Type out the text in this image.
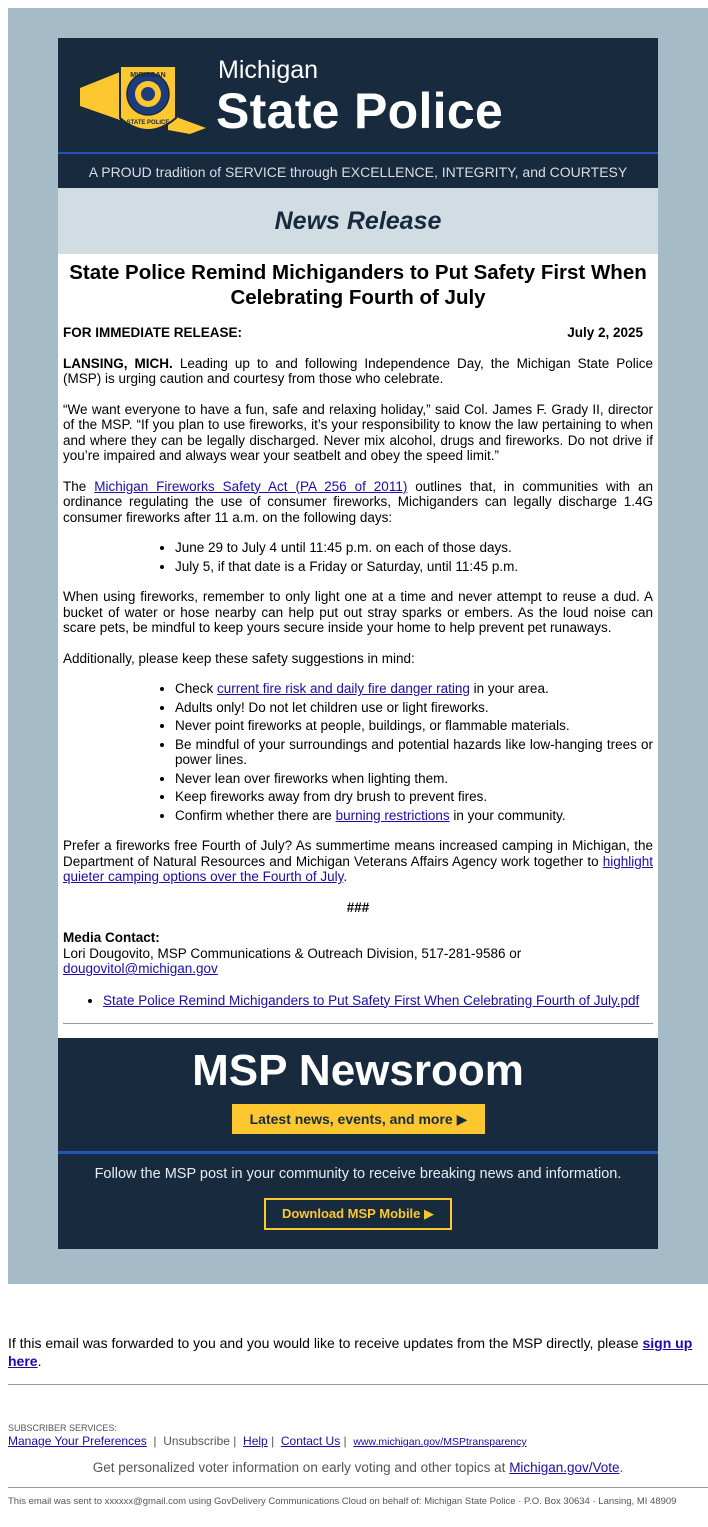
MICHIGAN
STATE POLICE
Michigan
State Police
A PROUD tradition of SERVICE through EXCELLENCE, INTEGRITY, and COURTESY
News Release
State Police Remind Michiganders to Put Safety First When Celebrating Fourth of July
FOR IMMEDIATE RELEASE:	July 2, 2025

LANSING, MICH. Leading up to and following Independence Day, the Michigan State Police (MSP) is urging caution and courtesy from those who celebrate.

“We want everyone to have a fun, safe and relaxing holiday,” said Col. James F. Grady II, director of the MSP. “If you plan to use fireworks, it’s your responsibility to know the law pertaining to when and where they can be legally discharged. Never mix alcohol, drugs and fireworks. Do not drive if you’re impaired and always wear your seatbelt and obey the speed limit.”

The Michigan Fireworks Safety Act (PA 256 of 2011) outlines that, in communities with an ordinance regulating the use of consumer fireworks, Michiganders can legally discharge 1.4G consumer fireworks after 11 a.m. on the following days:

• June 29 to July 4 until 11:45 p.m. on each of those days.
• July 5, if that date is a Friday or Saturday, until 11:45 p.m.

When using fireworks, remember to only light one at a time and never attempt to reuse a dud. A bucket of water or hose nearby can help put out stray sparks or embers. As the loud noise can scare pets, be mindful to keep yours secure inside your home to help prevent pet runaways.

Additionally, please keep these safety suggestions in mind:

• Check current fire risk and daily fire danger rating in your area.
• Adults only! Do not let children use or light fireworks.
• Never point fireworks at people, buildings, or flammable materials.
• Be mindful of your surroundings and potential hazards like low-hanging trees or power lines.
• Never lean over fireworks when lighting them.
• Keep fireworks away from dry brush to prevent fires.
• Confirm whether there are burning restrictions in your community.

Prefer a fireworks free Fourth of July? As summertime means increased camping in Michigan, the Department of Natural Resources and Michigan Veterans Affairs Agency work together to highlight quieter camping options over the Fourth of July.

###
Media Contact:
Lori Dougovito, MSP Communications & Outreach Division, 517-281-9586 or
dougovitol@michigan.gov
• State Police Remind Michiganders to Put Safety First When Celebrating Fourth of July.pdf
MSP Newsroom
Latest news, events, and more ▶
Follow the MSP post in your community to receive breaking news and information.
Download MSP Mobile ▶
If this email was forwarded to you and you would like to receive updates from the MSP directly, please sign up here.
SUBSCRIBER SERVICES:
Manage Your Preferences  |  Unsubscribe |  Help |  Contact Us |  www.michigan.gov/MSPtransparency
Get personalized voter information on early voting and other topics at Michigan.gov/Vote.
This email was sent to xxxxxx@gmail.com using GovDelivery Communications Cloud on behalf of: Michigan State Police · P.O. Box 30634 · Lansing, MI 48909
